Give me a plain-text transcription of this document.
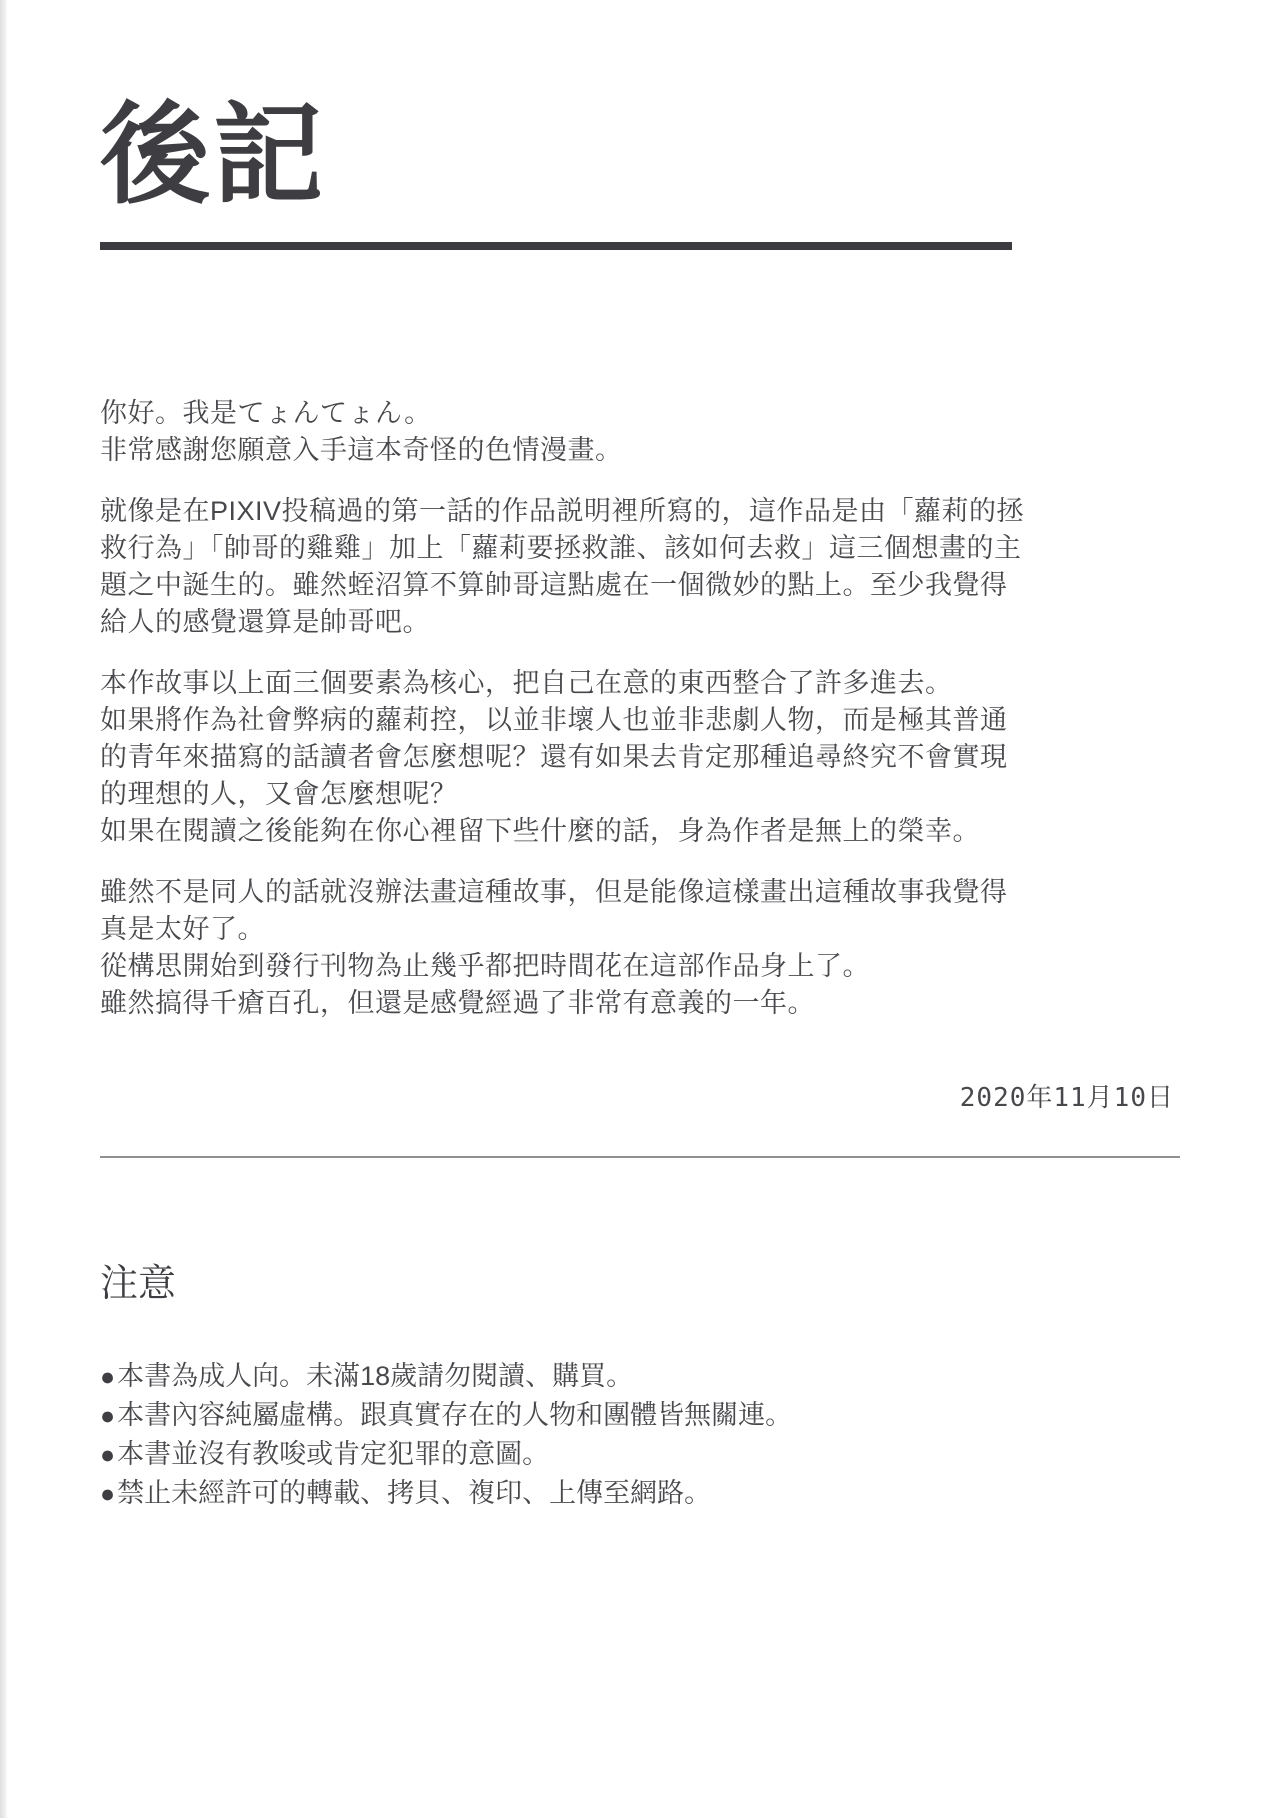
後記

你好。我是てょんてょん。
非常感謝您願意入手這本奇怪的色情漫畫。

就像是在PIXIV投稿過的第一話的作品説明裡所寫的，這作品是由「蘿莉的拯救行為」「帥哥的雞雞」加上「蘿莉要拯救誰、該如何去救」這三個想畫的主題之中誕生的。雖然蛭沼算不算帥哥這點處在一個微妙的點上。至少我覺得給人的感覺還算是帥哥吧。

本作故事以上面三個要素為核心，把自己在意的東西整合了許多進去。
如果將作為社會弊病的蘿莉控，以並非壞人也並非悲劇人物，而是極其普通的青年來描寫的話讀者會怎麼想呢？還有如果去肯定那種追尋終究不會實現的理想的人，又會怎麼想呢？
如果在閱讀之後能夠在你心裡留下些什麼的話，身為作者是無上的榮幸。

雖然不是同人的話就沒辦法畫這種故事，但是能像這樣畫出這種故事我覺得真是太好了。
從構思開始到發行刊物為止幾乎都把時間花在這部作品身上了。
雖然搞得千瘡百孔，但還是感覺經過了非常有意義的一年。

2020年11月10日
注意
● 本書為成人向。未滿18歲請勿閱讀、購買。
● 本書內容純屬虛構。跟真實存在的人物和團體皆無關連。
● 本書並沒有教唆或肯定犯罪的意圖。
● 禁止未經許可的轉載、拷貝、複印、上傳至網路。
